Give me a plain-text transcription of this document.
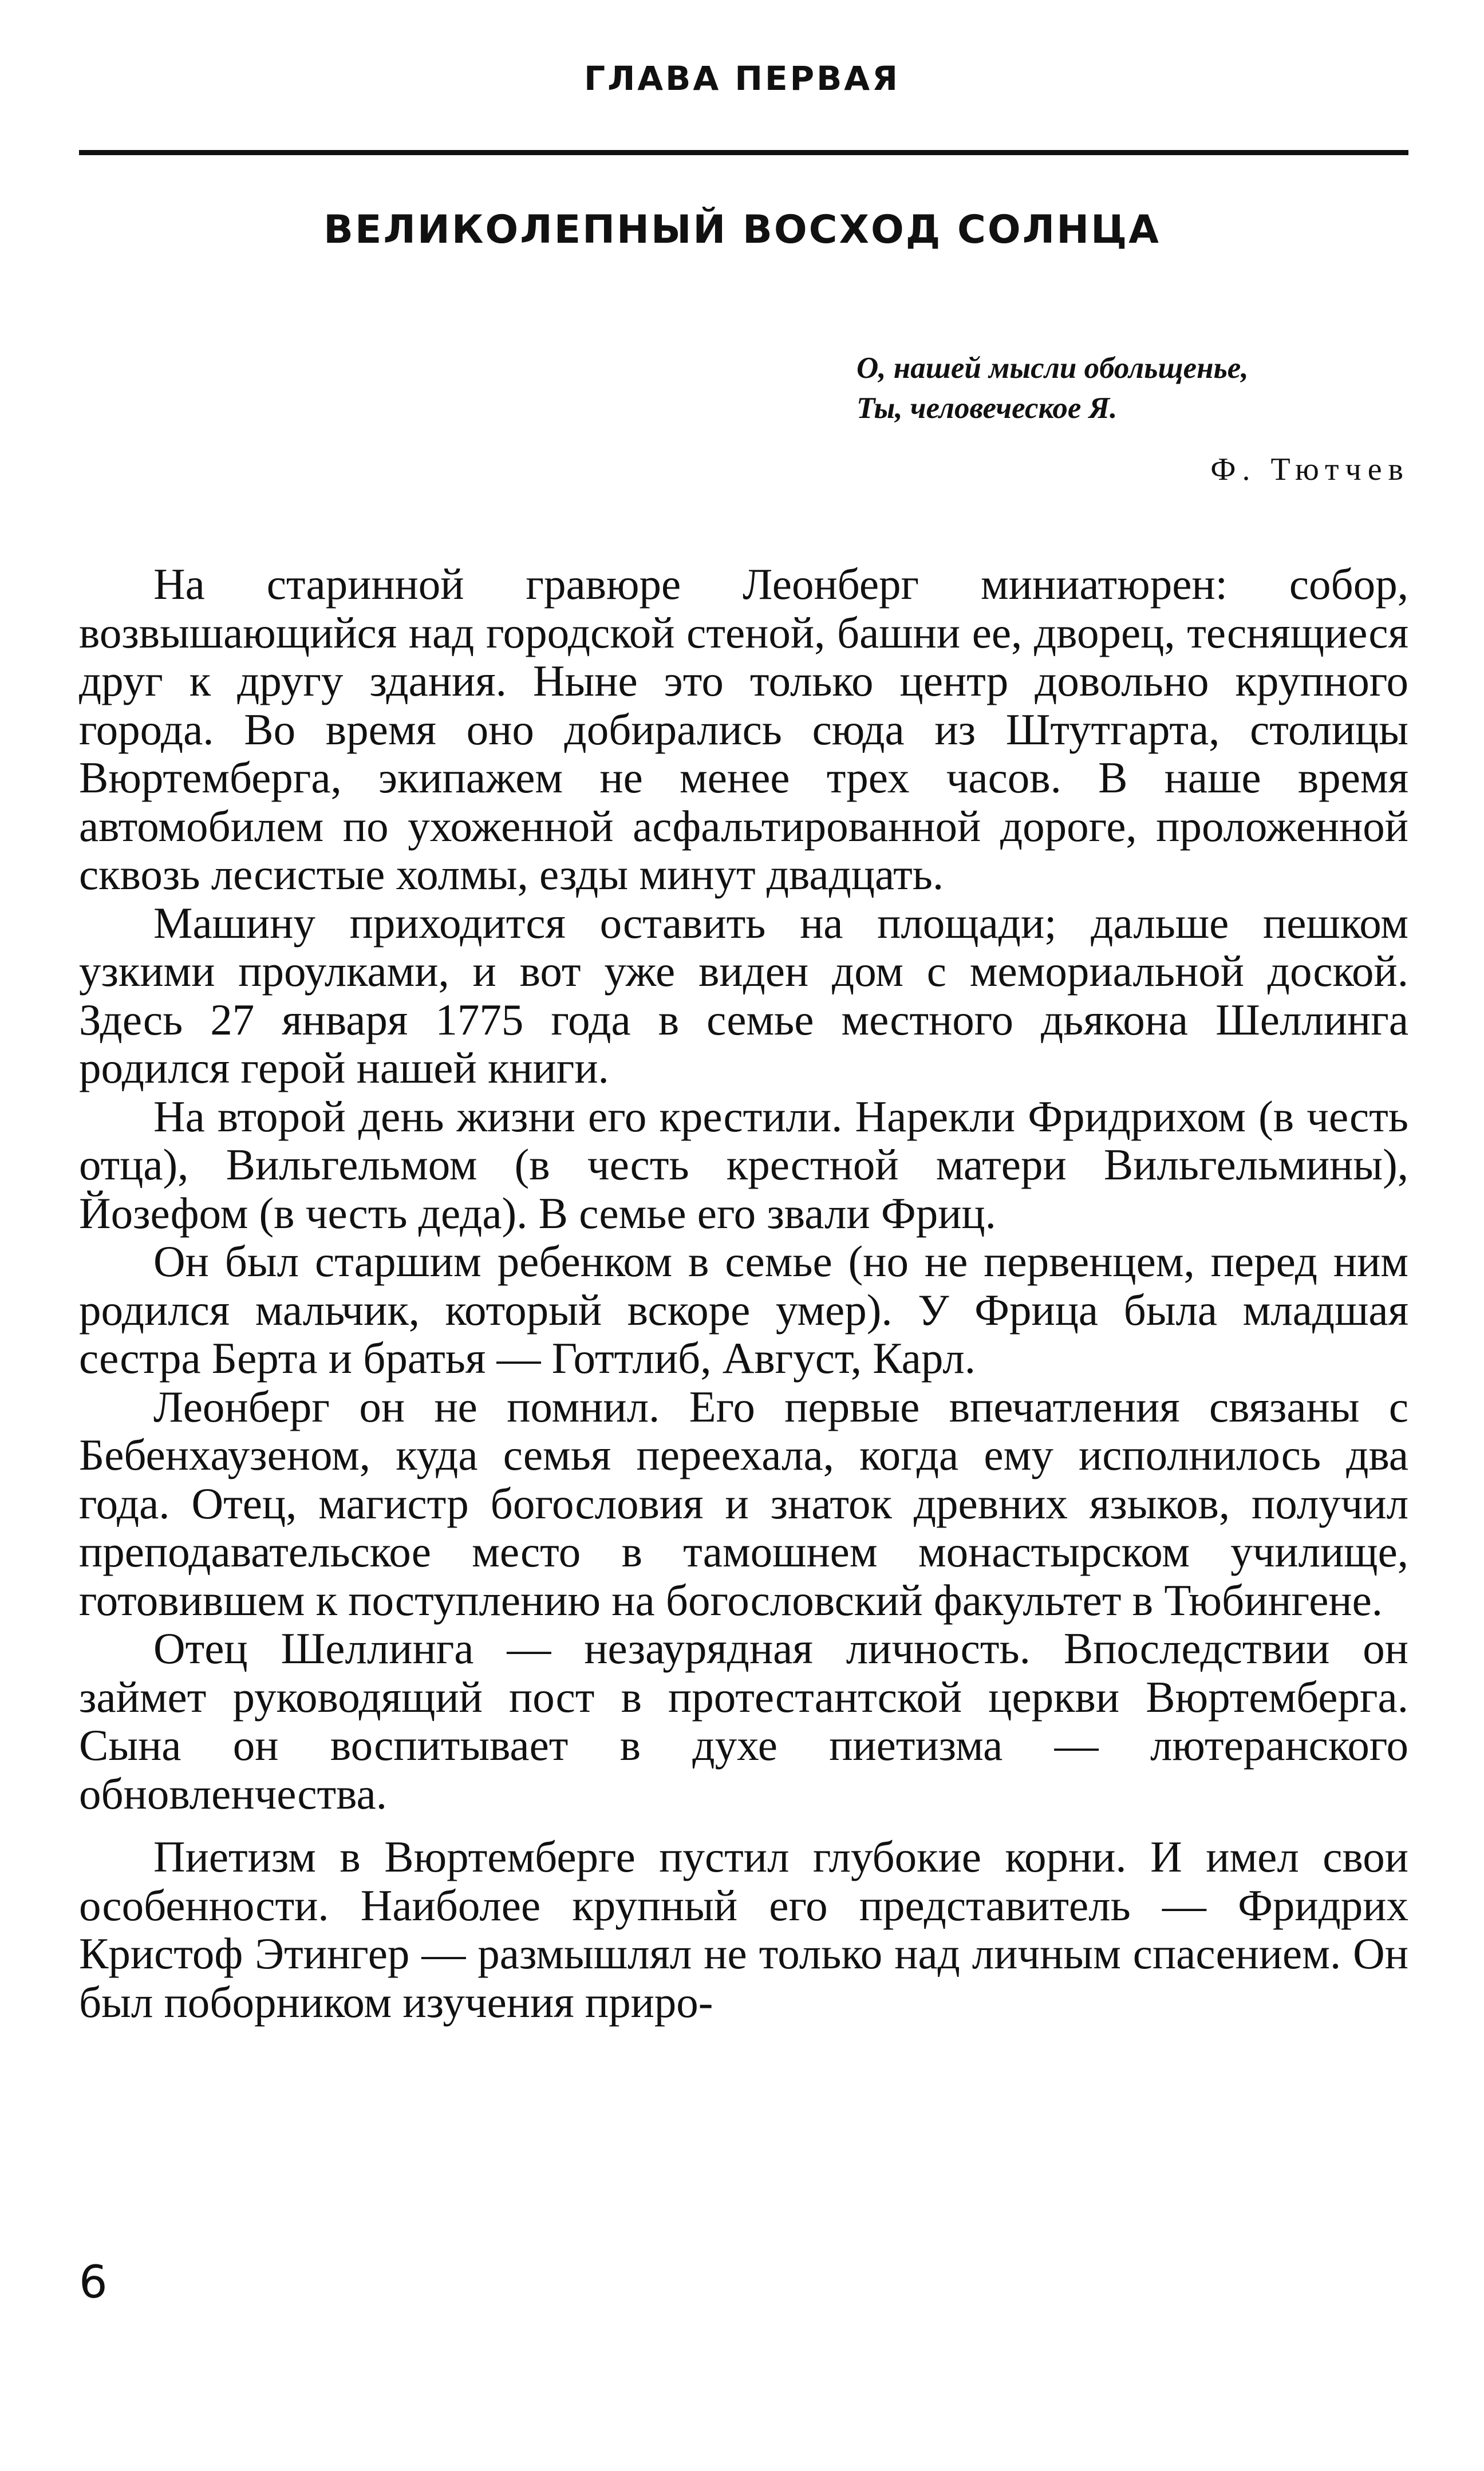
ГЛАВА ПЕРВАЯ
ВЕЛИКОЛЕПНЫЙ ВОСХОД СОЛНЦА
О, нашей мысли обольщенье,
Ты, человеческое Я.
Ф. Тютчев

На старинной гравюре Леонберг миниатюрен: собор, возвышающийся над городской стеной, башни ее, дворец, теснящиеся друг к другу здания. Ныне это только центр довольно крупного города. Во время оно добирались сюда из Штутгарта, столицы Вюртемберга, экипажем не менее трех часов. В наше время автомобилем по ухоженной асфальтированной дороге, проложенной сквозь лесистые холмы, езды минут двадцать.

Машину приходится оставить на площади; дальше пешком узкими проулками, и вот уже виден дом с мемориальной доской. Здесь 27 января 1775 года в семье местного дьякона Шеллинга родился герой нашей книги.

На второй день жизни его крестили. Нарекли Фридрихом (в честь отца), Вильгельмом (в честь крестной матери Вильгельмины), Йозефом (в честь деда). В семье его звали Фриц.

Он был старшим ребенком в семье (но не первенцем, перед ним родился мальчик, который вскоре умер). У Фрица была младшая сестра Берта и братья — Готтлиб, Август, Карл.

Леонберг он не помнил. Его первые впечатления связаны с Бебенхаузеном, куда семья переехала, когда ему исполнилось два года. Отец, магистр богословия и знаток древних языков, получил преподавательское место в тамошнем монастырском училище, готовившем к поступлению на богословский факультет в Тюбингене.

Отец Шеллинга — незаурядная личность. Впоследствии он займет руководящий пост в протестантской церкви Вюртемберга. Сына он воспитывает в духе пиетизма — лютеранского обновленчества.

Пиетизм в Вюртемберге пустил глубокие корни. И имел свои особенности. Наиболее крупный его представитель — Фридрих Кристоф Этингер — размышлял не только над личным спасением. Он был поборником изучения приро-

6
